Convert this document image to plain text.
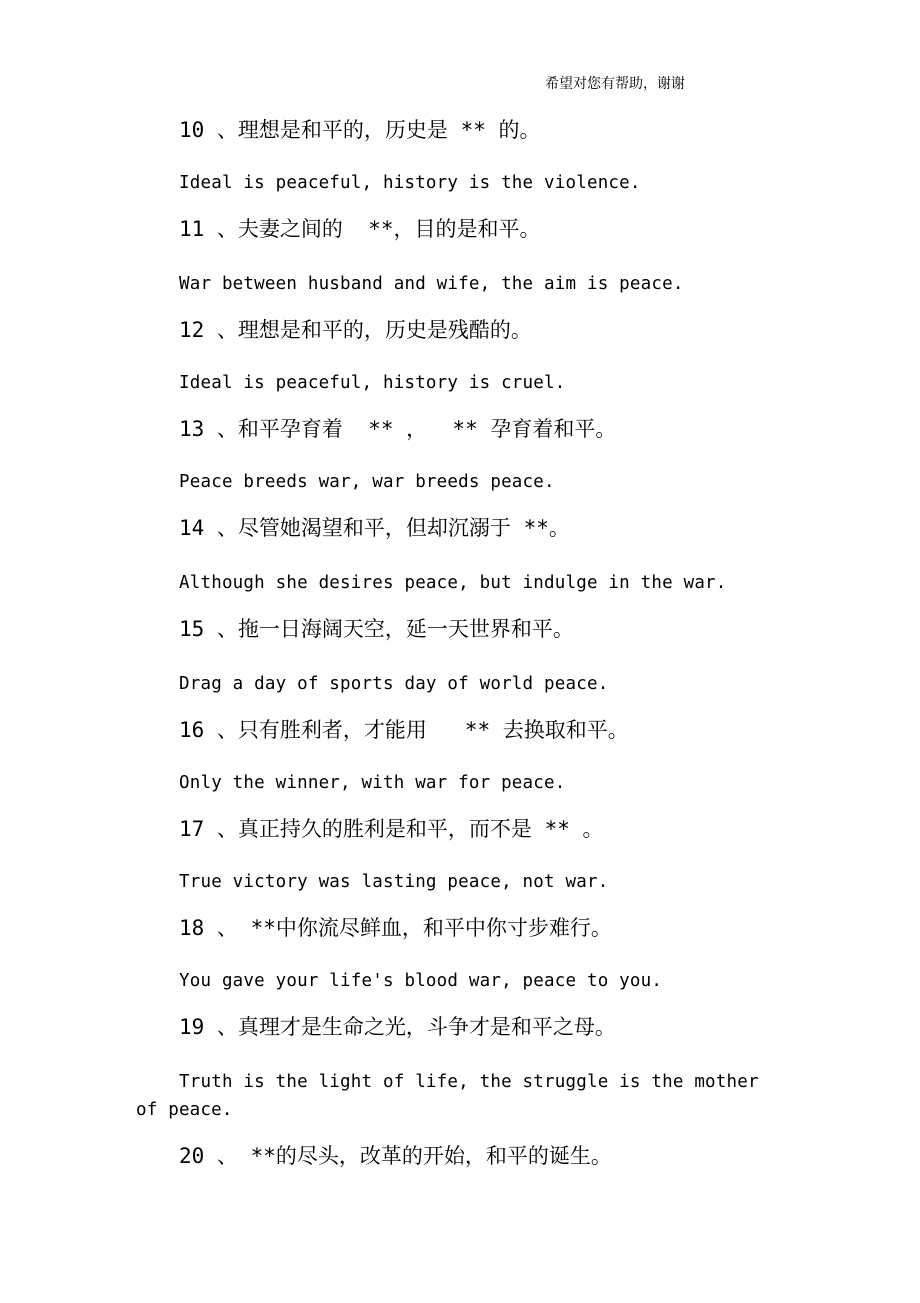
希望对您有帮助，谢谢
10 、理想是和平的，历史是 ** 的。
Ideal is peaceful, history is the violence.
11 、夫妻之间的  **，目的是和平。
War between husband and wife, the aim is peace.
12 、理想是和平的，历史是残酷的。
Ideal is peaceful, history is cruel.
13 、和平孕育着  ** ，  ** 孕育着和平。
Peace breeds war, war breeds peace.
14 、尽管她渴望和平，但却沉溺于 **。
Although she desires peace, but indulge in the war.
15 、拖一日海阔天空，延一天世界和平。
Drag a day of sports day of world peace.
16 、只有胜利者，才能用   ** 去换取和平。
Only the winner, with war for peace.
17 、真正持久的胜利是和平，而不是 ** 。
True victory was lasting peace, not war.
18 、 **中你流尽鲜血，和平中你寸步难行。
You gave your life's blood war, peace to you.
19 、真理才是生命之光，斗争才是和平之母。
Truth is the light of life, the struggle is the mother of peace.
20 、 **的尽头，改革的开始，和平的诞生。
